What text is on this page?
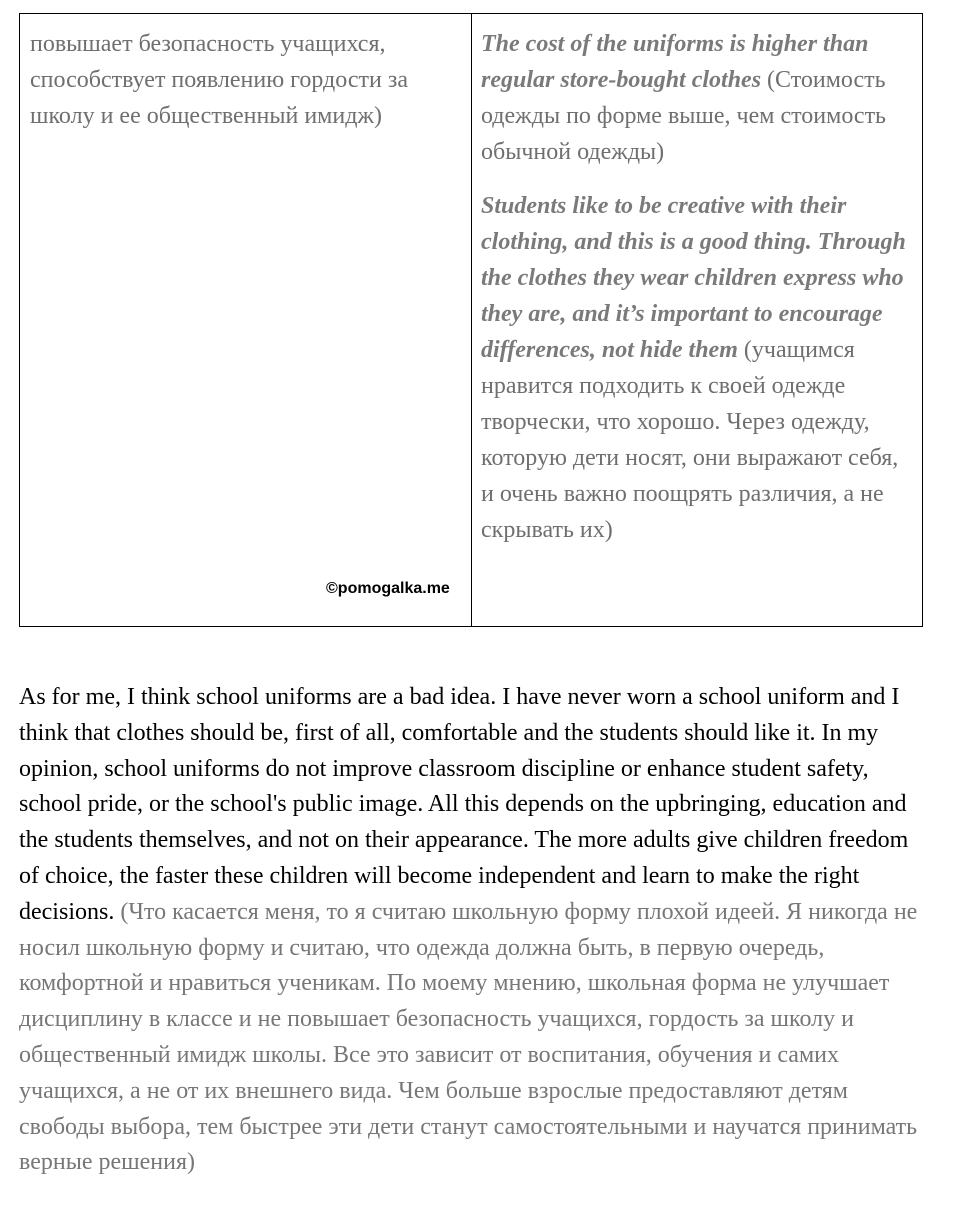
повышает безопасность учащихся, способствует появлению гордости за школу и ее общественный имидж)

The cost of the uniforms is higher than regular store-bought clothes (Стоимость одежды по форме выше, чем стоимость обычной одежды)

Students like to be creative with their clothing, and this is a good thing. Through the clothes they wear children express who they are, and it’s important to encourage differences, not hide them (учащимся нравится подходить к своей одежде творчески, что хорошо. Через одежду, которую дети носят, они выражают себя, и очень важно поощрять различия, а не скрывать их)

©pomogalka.me
As for me, I think school uniforms are a bad idea. I have never worn a school uniform and I think that clothes should be, first of all, comfortable and the students should like it. In my opinion, school uniforms do not improve classroom discipline or enhance student safety, school pride, or the school's public image. All this depends on the upbringing, education and the students themselves, and not on their appearance. The more adults give children freedom of choice, the faster these children will become independent and learn to make the right decisions. (Что касается меня, то я считаю школьную форму плохой идеей. Я никогда не носил школьную форму и считаю, что одежда должна быть, в первую очередь, комфортной и нравиться ученикам. По моему мнению, школьная форма не улучшает дисциплину в классе и не повышает безопасность учащихся, гордость за школу и общественный имидж школы. Все это зависит от воспитания, обучения и самих учащихся, а не от их внешнего вида. Чем больше взрослые предоставляют детям свободы выбора, тем быстрее эти дети станут самостоятельными и научатся принимать верные решения)
